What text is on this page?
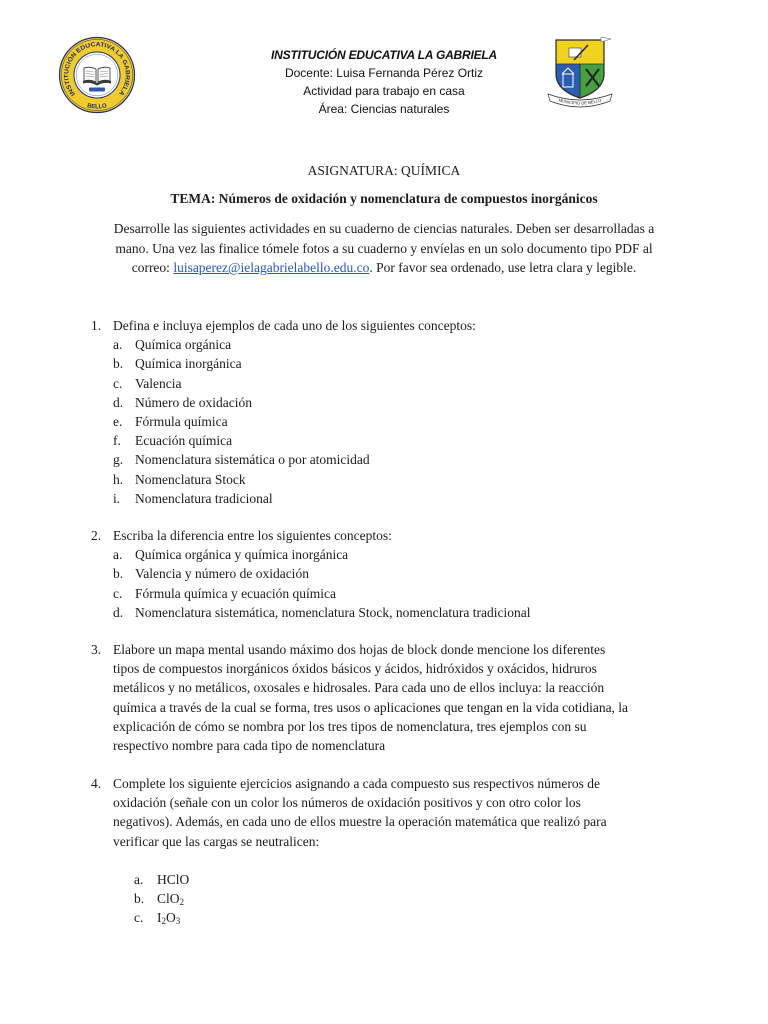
INSTITUCIÓN EDUCATIVA LA GABRIELA
BELLO
INSTITUCIÓN EDUCATIVA LA GABRIELA
Docente: Luisa Fernanda Pérez Ortiz
Actividad para trabajo en casa
Área: Ciencias naturales
MUNICIPIO DE BELLO
ASIGNATURA: QUÍMICA
TEMA: Números de oxidación y nomenclatura de compuestos inorgánicos
Desarrolle las siguientes actividades en su cuaderno de ciencias naturales. Deben ser desarrolladas a
mano. Una vez las finalice tómele fotos a su cuaderno y envíelas en un solo documento tipo PDF al
correo: luisaperez@ielagabrielabello.edu.co. Por favor sea ordenado, use letra clara y legible.
1. Defina e incluya ejemplos de cada uno de los siguientes conceptos:
a. Química orgánica
b. Química inorgánica
c. Valencia
d. Número de oxidación
e. Fórmula química
f.	Ecuación química
g. Nomenclatura sistemática o por atomicidad
h. Nomenclatura Stock
i.	Nomenclatura tradicional
2. Escriba la diferencia entre los siguientes conceptos:
a. Química orgánica y química inorgánica
b. Valencia y número de oxidación
c. Fórmula química y ecuación química
d. Nomenclatura sistemática, nomenclatura Stock, nomenclatura tradicional
3. Elabore un mapa mental usando máximo dos hojas de block donde mencione los diferentes
tipos de compuestos inorgánicos óxidos básicos y ácidos, hidróxidos y oxácidos, hidruros
metálicos y no metálicos, oxosales e hidrosales. Para cada uno de ellos incluya: la reacción
química a través de la cual se forma, tres usos o aplicaciones que tengan en la vida cotidiana, la
explicación de cómo se nombra por los tres tipos de nomenclatura, tres ejemplos con su
respectivo nombre para cada tipo de nomenclatura
4. Complete los siguiente ejercicios asignando a cada compuesto sus respectivos números de
oxidación (señale con un color los números de oxidación positivos y con otro color los
negativos). Además, en cada uno de ellos muestre la operación matemática que realizó para
verificar que las cargas se neutralicen:
a.	HClO
b. ClO$_2$
c.	$I_2O_3$
